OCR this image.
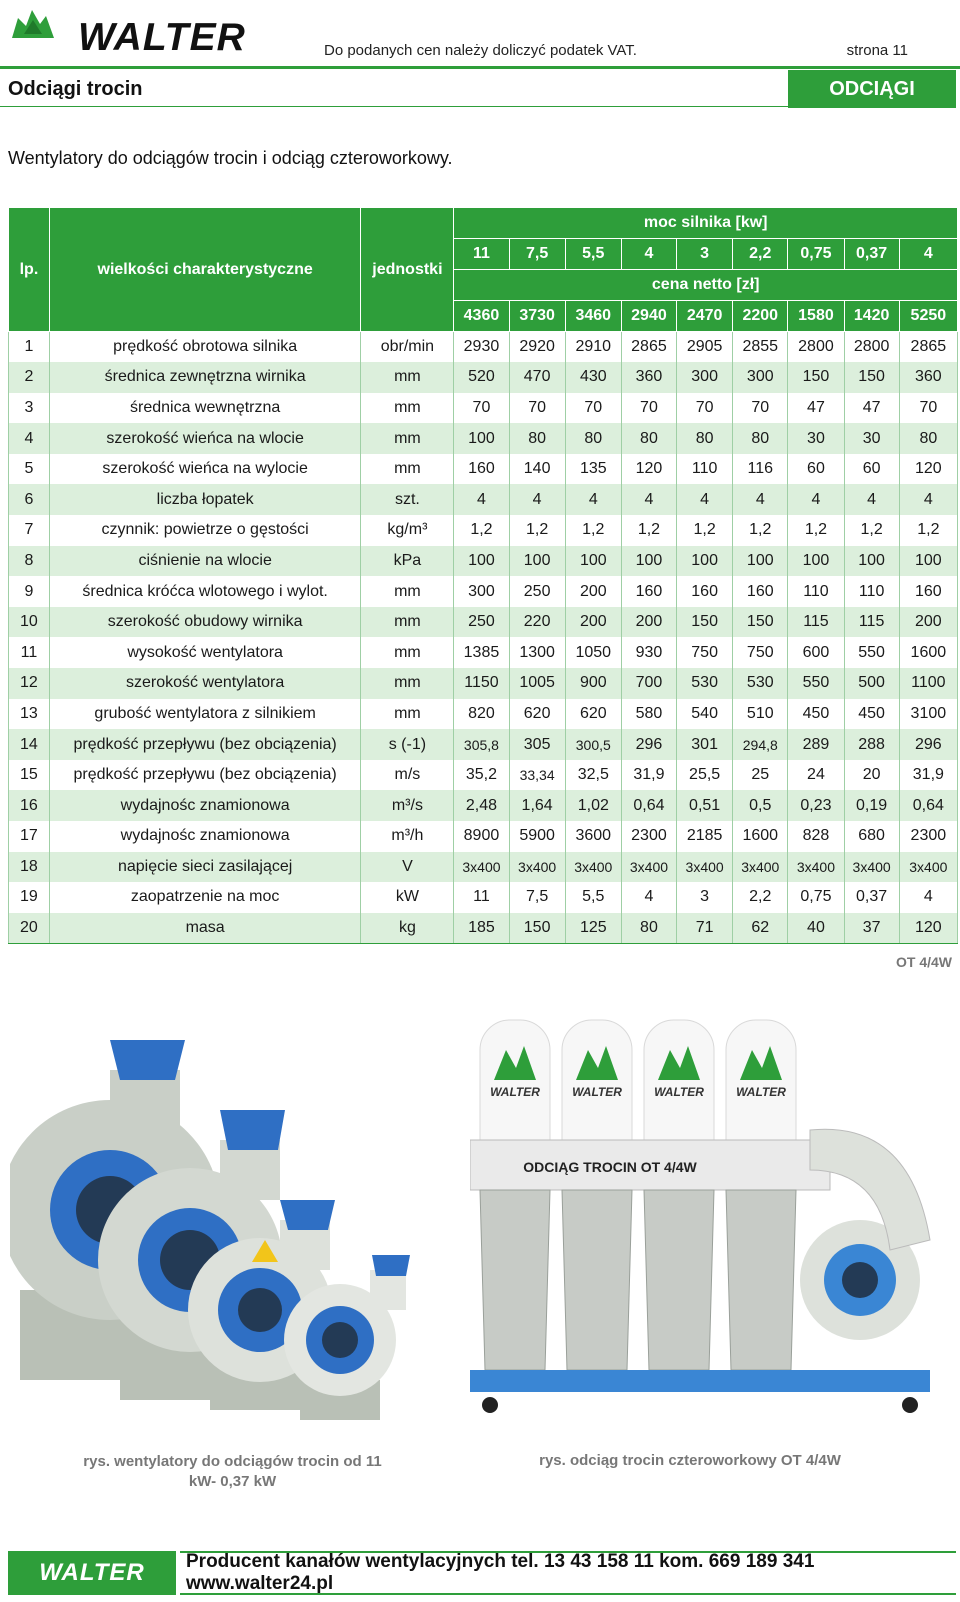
WALTER	Do podanych cen należy doliczyć podatek VAT.	strona 11
Odciągi trocin	ODCIĄGI
Wentylatory do odciągów trocin i odciąg czteroworkowy.
lp.	wielkości charakterystyczne	jednostki	moc silnika [kw]								
			11	7,5	5,5	4	3	2,2	0,75	0,37	4
			cena netto [zł]								
			4360	3730	3460	2940	2470	2200	1580	1420	5250
1	prędkość obrotowa silnika	obr/min	2930	2920	2910	2865	2905	2855	2800	2800	2865
2	średnica zewnętrzna wirnika	mm	520	470	430	360	300	300	150	150	360
3	średnica wewnętrzna	mm	70	70	70	70	70	70	47	47	70
4	szerokość wieńca na wlocie	mm	100	80	80	80	80	80	30	30	80
5	szerokość wieńca na wylocie	mm	160	140	135	120	110	116	60	60	120
6	liczba łopatek	szt.	4	4	4	4	4	4	4	4	4
7	czynnik: powietrze o gęstości	kg/m³	1,2	1,2	1,2	1,2	1,2	1,2	1,2	1,2	1,2
8	ciśnienie na wlocie	kPa	100	100	100	100	100	100	100	100	100
9	średnica króćca wlotowego i wylot.	mm	300	250	200	160	160	160	110	110	160
10	szerokość obudowy wirnika	mm	250	220	200	200	150	150	115	115	200
11	wysokość wentylatora	mm	1385	1300	1050	930	750	750	600	550	1600
12	szerokość wentylatora	mm	1150	1005	900	700	530	530	550	500	1100
13	grubość wentylatora z silnikiem	mm	820	620	620	580	540	510	450	450	3100
14	prędkość przepływu (bez obciązenia)	s (-1)	305,8	305	300,5	296	301	294,8	289	288	296
15	prędkość przepływu (bez obciązenia)	m/s	35,2	33,34	32,5	31,9	25,5	25	24	20	31,9
16	wydajnośc znamionowa	m³/s	2,48	1,64	1,02	0,64	0,51	0,5	0,23	0,19	0,64
17	wydajnośc znamionowa	m³/h	8900	5900	3600	2300	2185	1600	828	680	2300
18	napięcie sieci zasilającej	V	3x400	3x400	3x400	3x400	3x400	3x400	3x400	3x400	3x400
19	zaopatrzenie na moc	kW	11	7,5	5,5	4	3	2,2	0,75	0,37	4
20	masa	kg	185	150	125	80	71	62	40	37	120
OT 4/4W
WALTER	WALTER	WALTER	WALTER
ODCIĄG TROCIN OT 4/4W
rys. wentylatory do odciągów trocin od 11 kW- 0,37 kW
rys. odciąg trocin czteroworkowy OT 4/4W
WALTER Producent kanałów wentylacyjnych tel. 13 43 158 11 kom. 669 189 341 www.walter24.pl
